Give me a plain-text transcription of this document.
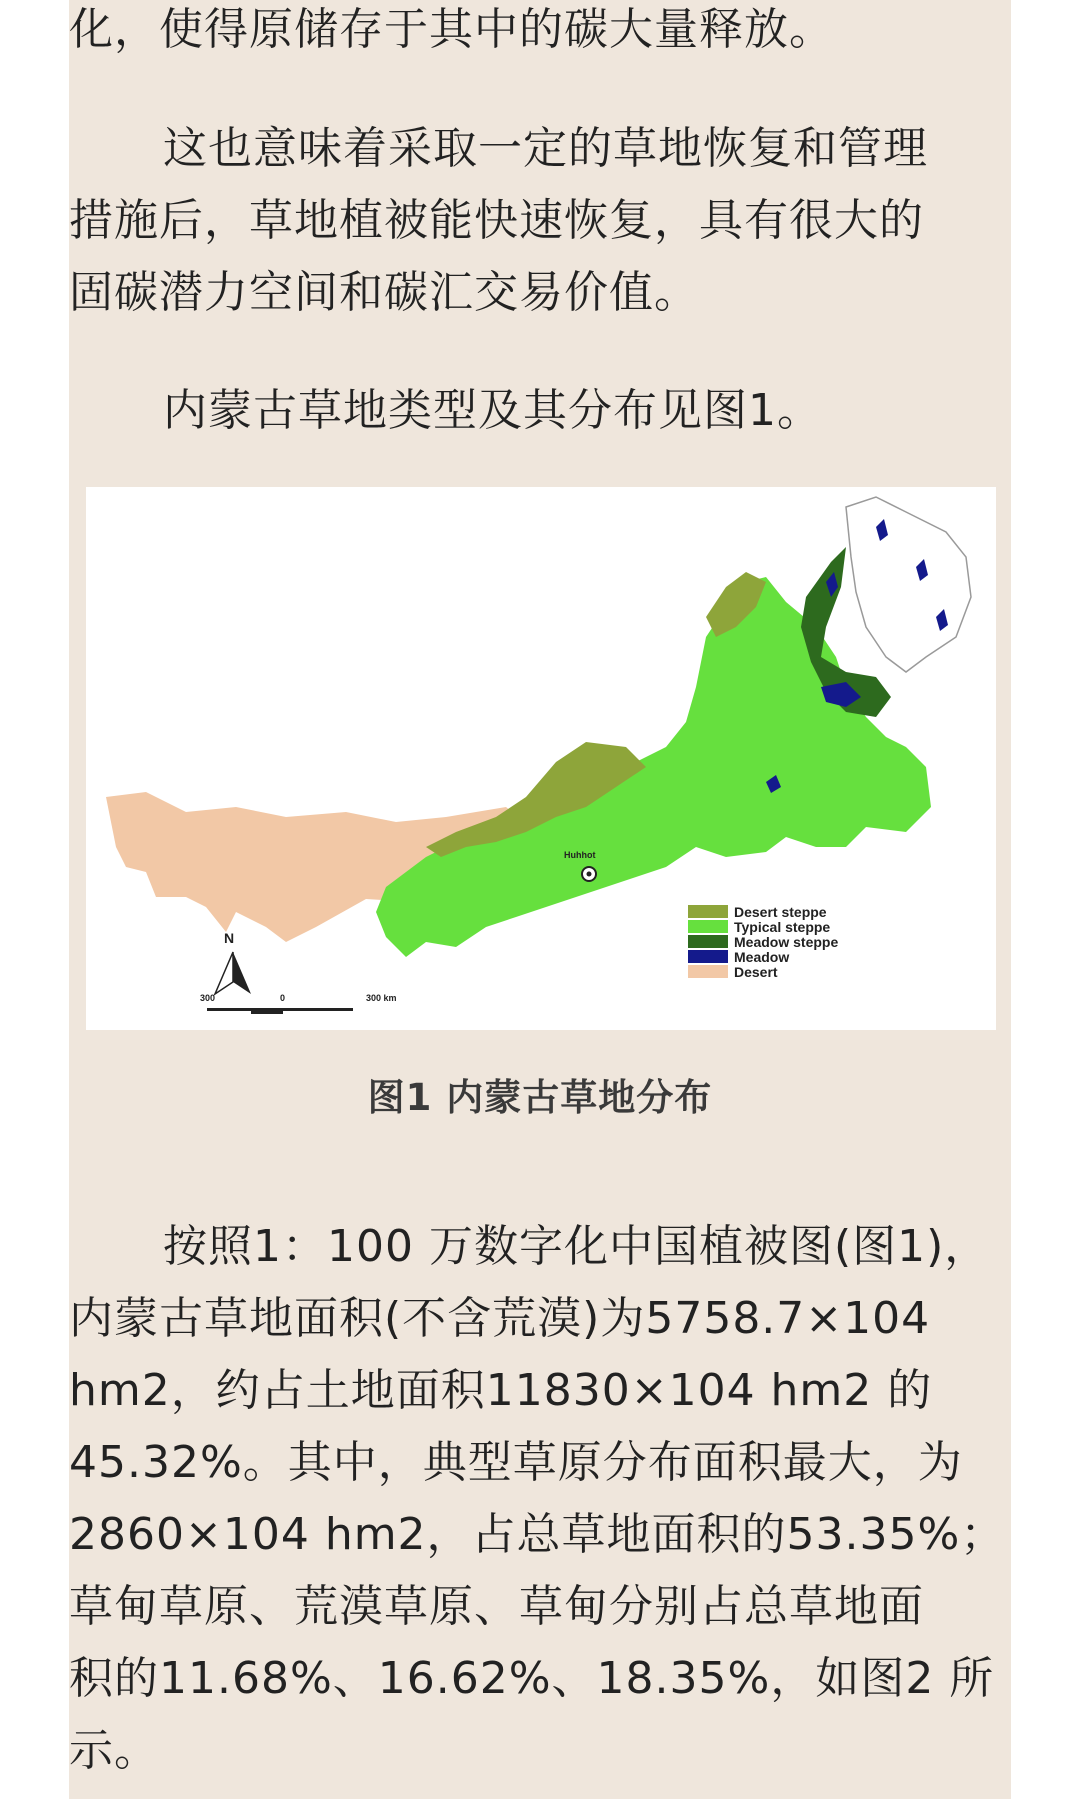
化，使得原储存于其中的碳大量释放。
这也意味着采取一定的草地恢复和管理
措施后，草地植被能快速恢复，具有很大的
固碳潜力空间和碳汇交易价值。
内蒙古草地类型及其分布见图1。
Huhhot
N
300	0	300 km
Desert steppe
Typical steppe
Meadow steppe
Meadow
Desert
图1 内蒙古草地分布
按照1：100 万数字化中国植被图(图1)，
内蒙古草地面积(不含荒漠)为5758.7×104
hm2，约占土地面积11830×104 hm2 的
45.32%。其中，典型草原分布面积最大，为
2860×104 hm2，占总草地面积的53.35%；
草甸草原、荒漠草原、草甸分别占总草地面
积的11.68%、16.62%、18.35%，如图2 所
示。
